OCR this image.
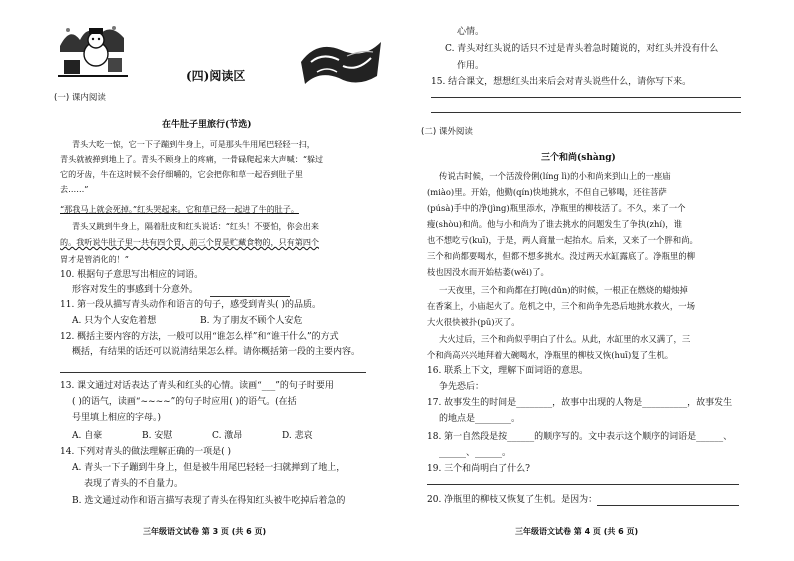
(四)阅读区
(一) 课内阅读
在牛肚子里旅行(节选)
青头大吃一惊，它一下子蹦到牛身上，可是那头牛用尾巴轻轻一扫，
青头就被掸到地上了。青头不顾身上的疼痛，一骨碌爬起来大声喊：“躲过
它的牙齿，牛在这时候不会仔细嚼的，它会把你和草一起吞到肚子里
去……”
“那我马上就会死掉。”红头哭起来。它和草已经一起进了牛的肚子。
青头又跳到牛身上，隔着肚皮和红头说话：“红头！不要怕，你会出来
的。我听说牛肚子里一共有四个胃，前三个胃是贮藏食物的，只有第四个
胃才是管消化的！”
10. 根据句子意思写出相应的词语。
形容对发生的事感到十分意外。
11. 第一段从描写青头动作和语言的句子，感受到青头( )的品质。
A. 只为个人安危着想	B. 为了朋友不顾个人安危
12. 概括主要内容的方法，一般可以用“谁怎么样”和“谁干什么”的方式
概括，有结果的话还可以说清结果怎么样。请你概括第一段的主要内容。
13. 课文通过对话表达了青头和红头的心情。读画“___”的句子时要用
( )的语气，读画“~~~~”的句子时应用( )的语气。(在括
号里填上相应的字母。)
A. 自豪	B. 安慰	C. 激昂	D. 悲哀
14. 下列对青头的做法理解正确的一项是( )
A. 青头一下子蹦到牛身上，但是被牛用尾巴轻轻一扫就掸到了地上，
表现了青头的不自量力。
B. 选文通过动作和语言描写表现了青头在得知红头被牛吃掉后着急的
三年级语文试卷 第 3 页 (共 6 页)
心情。
C. 青头对红头说的话只不过是青头着急时随说的，对红头并没有什么
作用。
15. 结合课文，想想红头出来后会对青头说些什么，请你写下来。
(二) 课外阅读
三个和尚(shàng)
传说古时候，一个活泼伶俐(líng lì)的小和尚来到山上的一座庙
(miào)里。开始，他勤(qín)快地挑水，不但自己够喝，还往菩萨
(púsà)手中的净(jìng)瓶里添水，净瓶里的柳枝活了。不久，来了一个
瘦(shòu)和尚。他与小和尚为了谁去挑水的问题发生了争执(zhí)，谁
也不想吃亏(kuī)，于是，两人商量一起抬水。后来，又来了一个胖和尚。
三个和尚都要喝水，但都不想多挑水。没过两天水缸露底了。净瓶里的柳
枝也因没水而开始枯萎(wěi)了。
一天夜里，三个和尚都在打盹(dǔn)的时候，一根正在燃烧的蜡烛掉
在香案上，小庙起火了。危机之中，三个和尚争先恐后地挑水救火，一场
大火很快被扑(pū)灭了。
大火过后，三个和尚似乎明白了什么。从此，水缸里的水又满了，三
个和尚高兴兴地拜着大碗喝水，净瓶里的柳枝又恢(huī)复了生机。
16. 联系上下文，理解下面词语的意思。
争先恐后：
17. 故事发生的时间是________，故事中出现的人物是__________，故事发生
的地点是________。
18. 第一自然段是按______的顺序写的。文中表示这个顺序的词语是______、
______、______。
19. 三个和尚明白了什么?
20. 净瓶里的柳枝又恢复了生机。是因为：
三年级语文试卷 第 4 页 (共 6 页)
